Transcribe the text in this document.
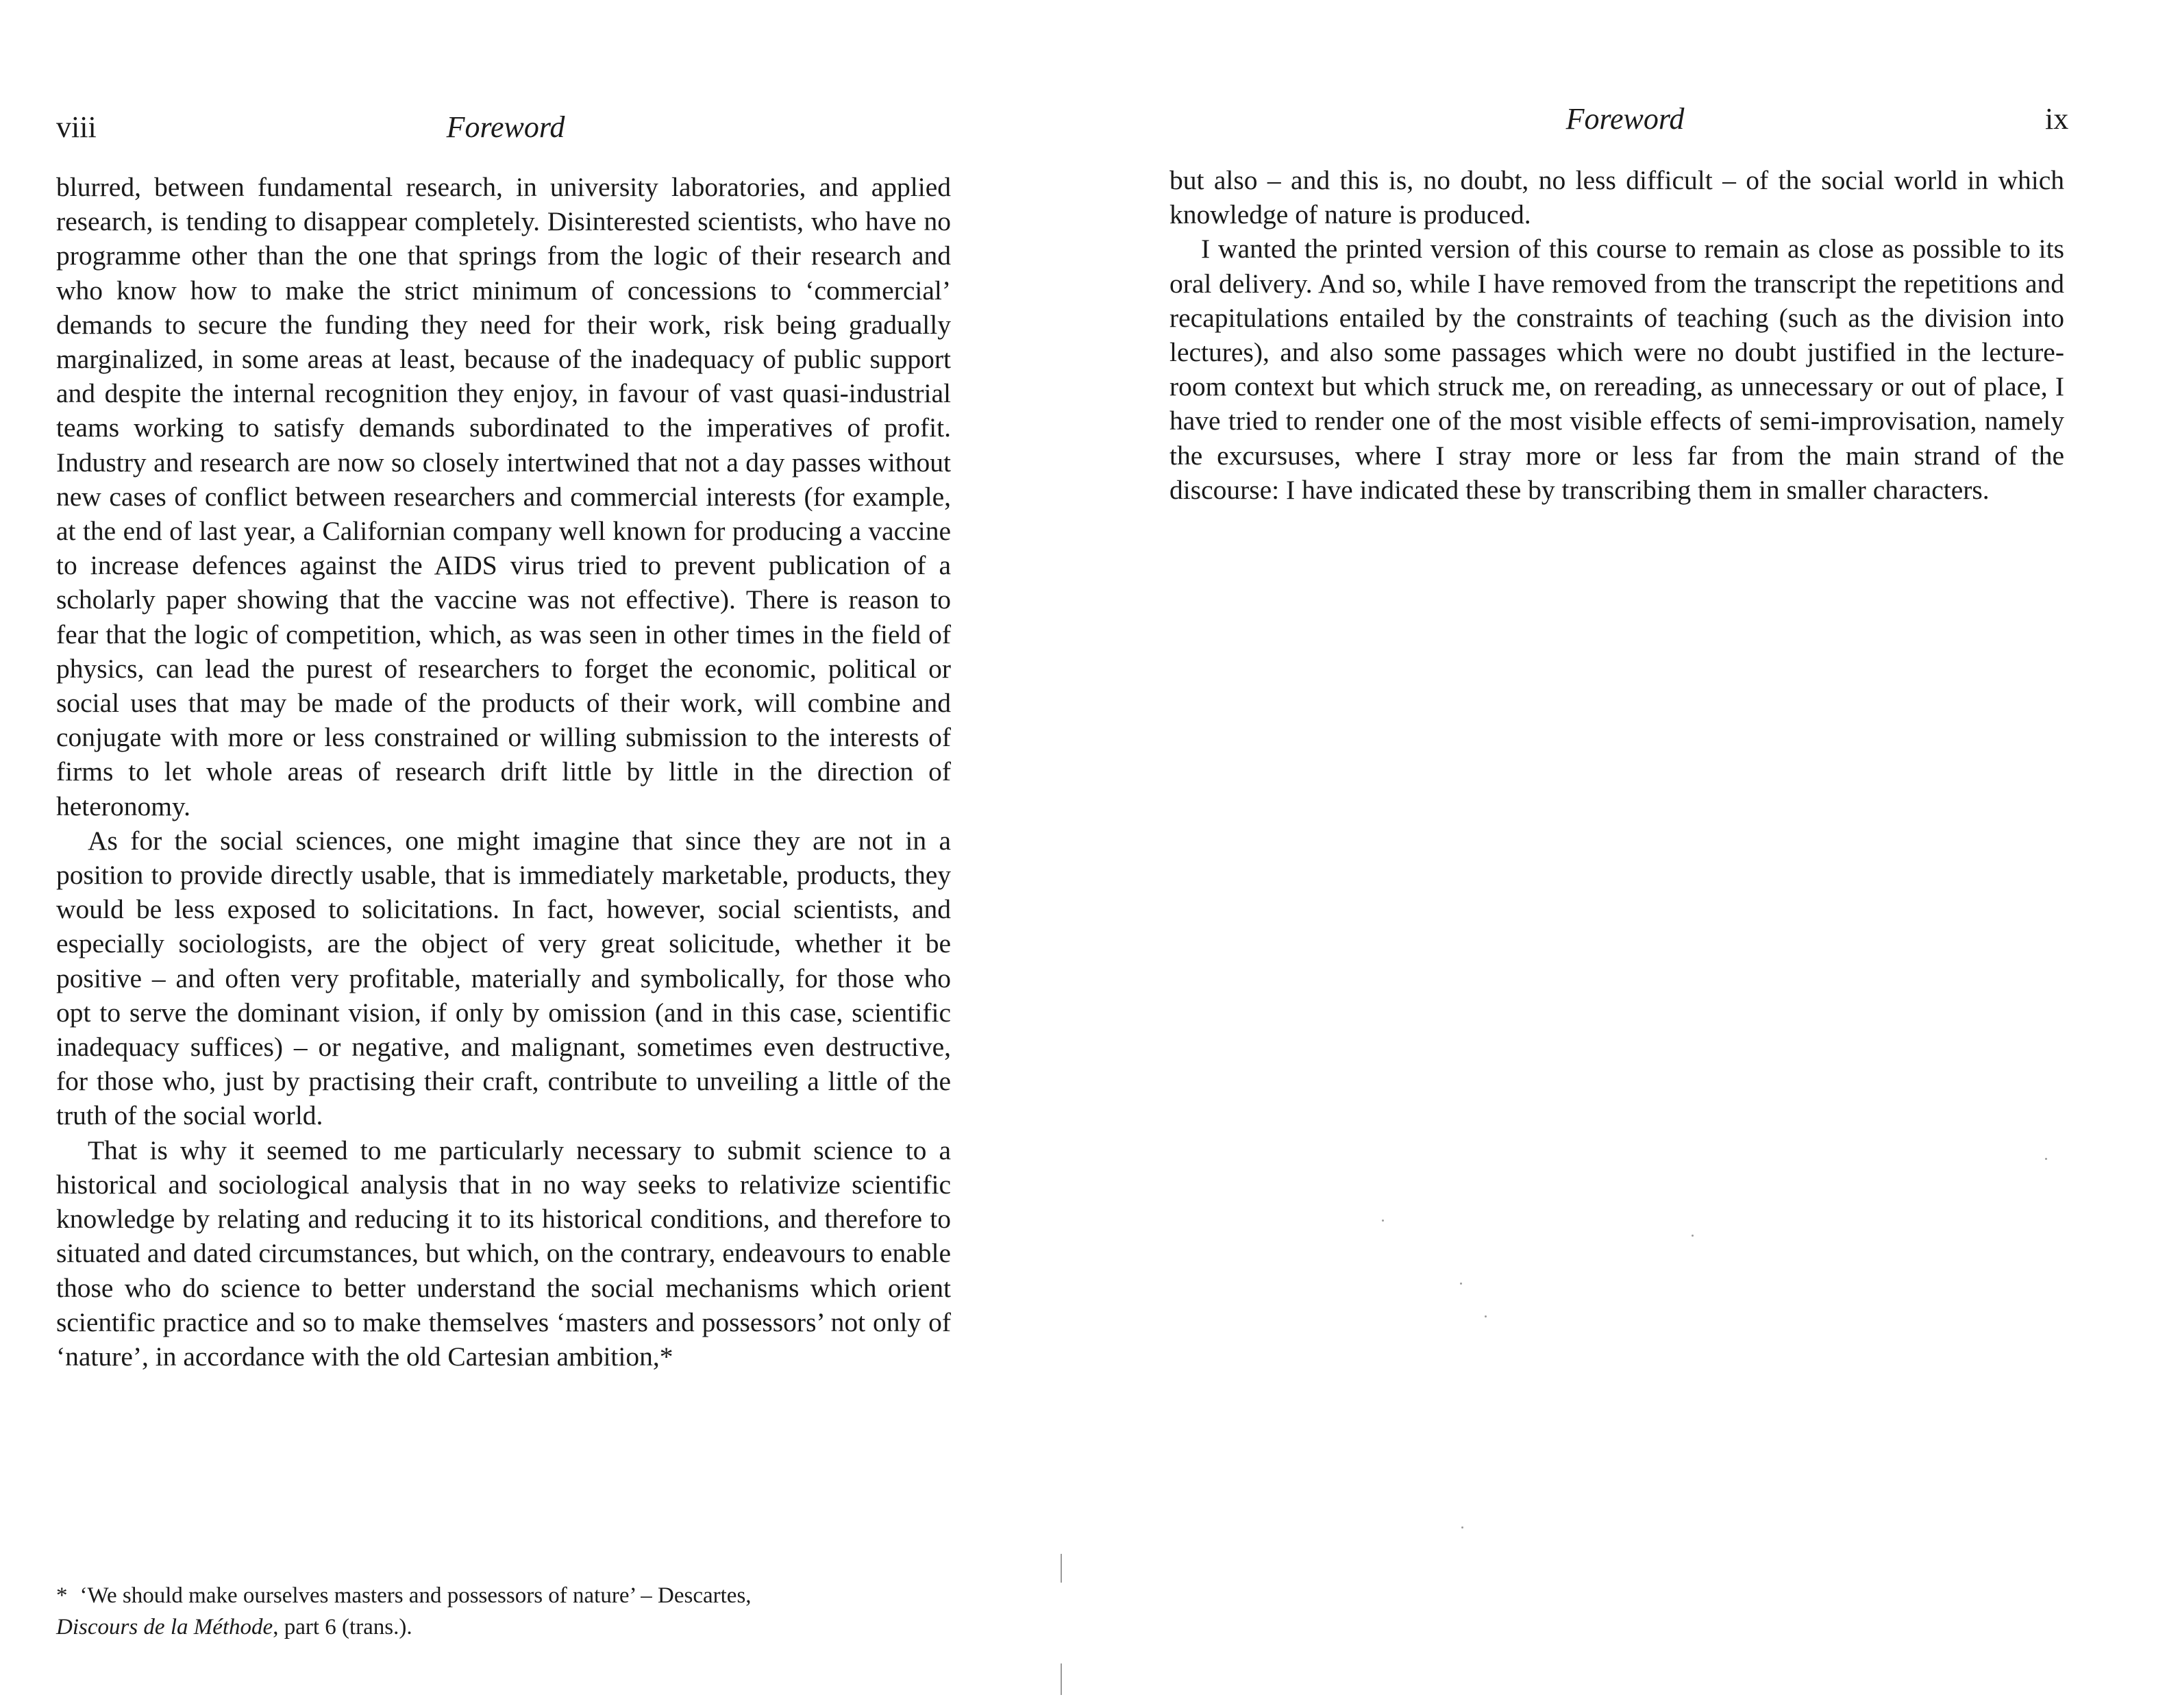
viii	Foreword

blurred, between fundamental research, in university laboratories, and applied research, is tending to disappear completely. Disinterested scientists, who have no programme other than the one that springs from the logic of their research and who know how to make the strict minimum of concessions to ‘commercial’ demands to secure the funding they need for their work, risk being gradually marginalized, in some areas at least, because of the inadequacy of public support and despite the internal recognition they enjoy, in favour of vast quasi-industrial teams working to satisfy demands subordinated to the imperatives of profit. Industry and research are now so closely intertwined that not a day passes without new cases of conflict between researchers and commercial interests (for example, at the end of last year, a Californian company well known for producing a vaccine to increase defences against the AIDS virus tried to prevent publication of a scholarly paper showing that the vaccine was not effective). There is reason to fear that the logic of competition, which, as was seen in other times in the field of physics, can lead the purest of researchers to forget the economic, political or social uses that may be made of the products of their work, will combine and conjugate with more or less constrained or willing submission to the interests of firms to let whole areas of research drift little by little in the direction of heteronomy.

As for the social sciences, one might imagine that since they are not in a position to provide directly usable, that is immediately marketable, products, they would be less exposed to solicitations. In fact, however, social scientists, and especially sociologists, are the object of very great solicitude, whether it be positive – and often very profitable, materially and symbolically, for those who opt to serve the dominant vision, if only by omission (and in this case, scientific inadequacy suffices) – or negative, and malignant, sometimes even destructive, for those who, just by practising their craft, contribute to unveiling a little of the truth of the social world.

That is why it seemed to me particularly necessary to submit science to a historical and sociological analysis that in no way seeks to relativize scientific knowledge by relating and reducing it to its historical conditions, and therefore to situated and dated circumstances, but which, on the contrary, endeavours to enable those who do science to better understand the social mechanisms which orient scientific practice and so to make themselves ‘masters and possessors’ not only of ‘nature’, in accordance with the old Cartesian ambition,*

* ‘We should make ourselves masters and possessors of nature’ – Descartes,
Discours de la Méthode, part 6 (trans.).
Foreword	ix

but also – and this is, no doubt, no less difficult – of the social world in which knowledge of nature is produced.

I wanted the printed version of this course to remain as close as possible to its oral delivery. And so, while I have removed from the transcript the repetitions and recapitulations entailed by the constraints of teaching (such as the division into lectures), and also some passages which were no doubt justified in the lecture-room context but which struck me, on rereading, as unnecessary or out of place, I have tried to render one of the most visible effects of semi-improvisation, namely the excursuses, where I stray more or less far from the main strand of the discourse: I have indicated these by transcribing them in smaller characters.
